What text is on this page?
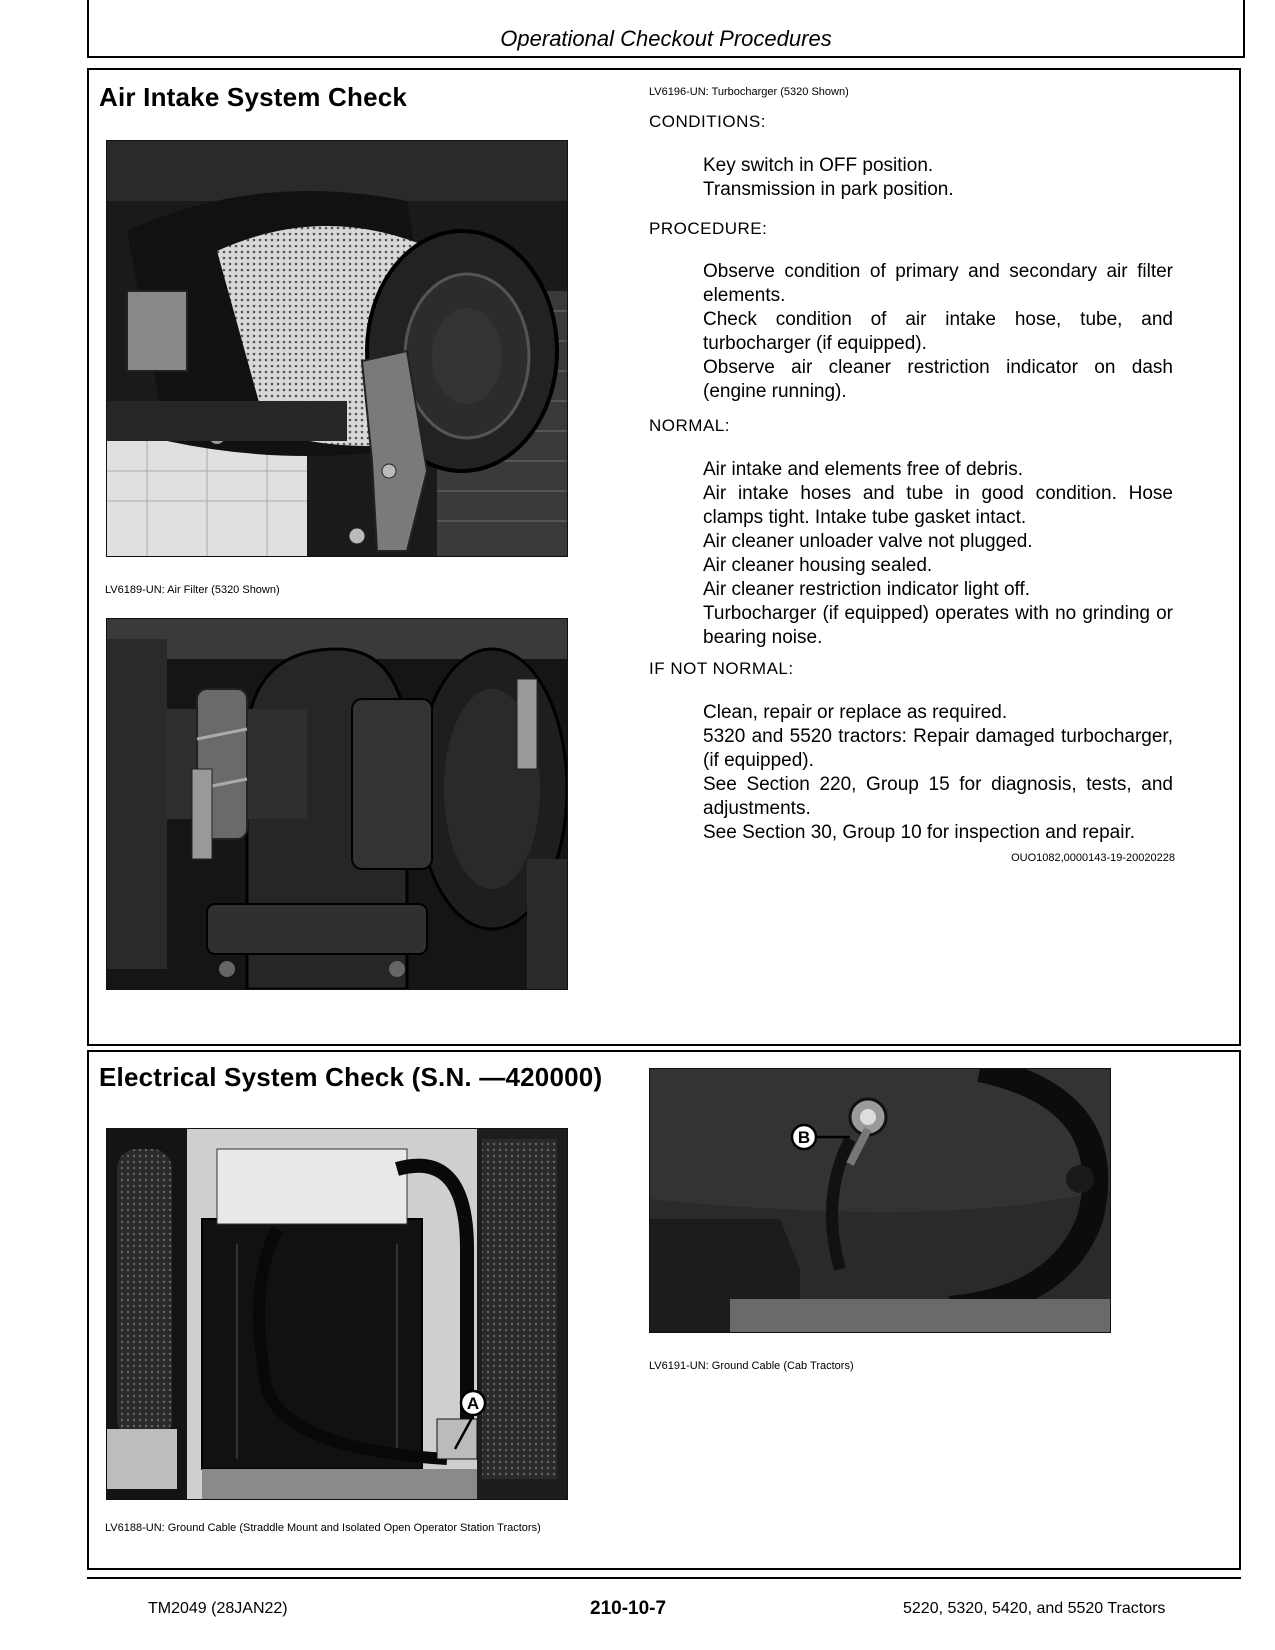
Operational Checkout Procedures
Air Intake System Check
LV6189-UN: Air Filter (5320 Shown)
LV6196-UN: Turbocharger (5320 Shown)
CONDITIONS:
Key switch in OFF position.
Transmission in park position.
PROCEDURE:
Observe condition of primary and secondary air filter elements.
Check condition of air intake hose, tube, and turbocharger (if equipped).
Observe air cleaner restriction indicator on dash (engine running).
NORMAL:
Air intake and elements free of debris.
Air intake hoses and tube in good condition. Hose clamps tight. Intake tube gasket intact.
Air cleaner unloader valve not plugged.
Air cleaner housing sealed.
Air cleaner restriction indicator light off.
Turbocharger (if equipped) operates with no grinding or bearing noise.
IF NOT NORMAL:
Clean, repair or replace as required.
5320 and 5520 tractors: Repair damaged turbocharger, (if equipped).
See Section 220, Group 15 for diagnosis, tests, and adjustments.
See Section 30, Group 10 for inspection and repair.
OUO1082,0000143-19-20020228
Electrical System Check (S.N. —420000)
A
LV6188-UN: Ground Cable (Straddle Mount and Isolated Open Operator Station Tractors)
B
LV6191-UN: Ground Cable (Cab Tractors)
TM2049 (28JAN22)	210-10-7	5220, 5320, 5420, and 5520 Tractors
